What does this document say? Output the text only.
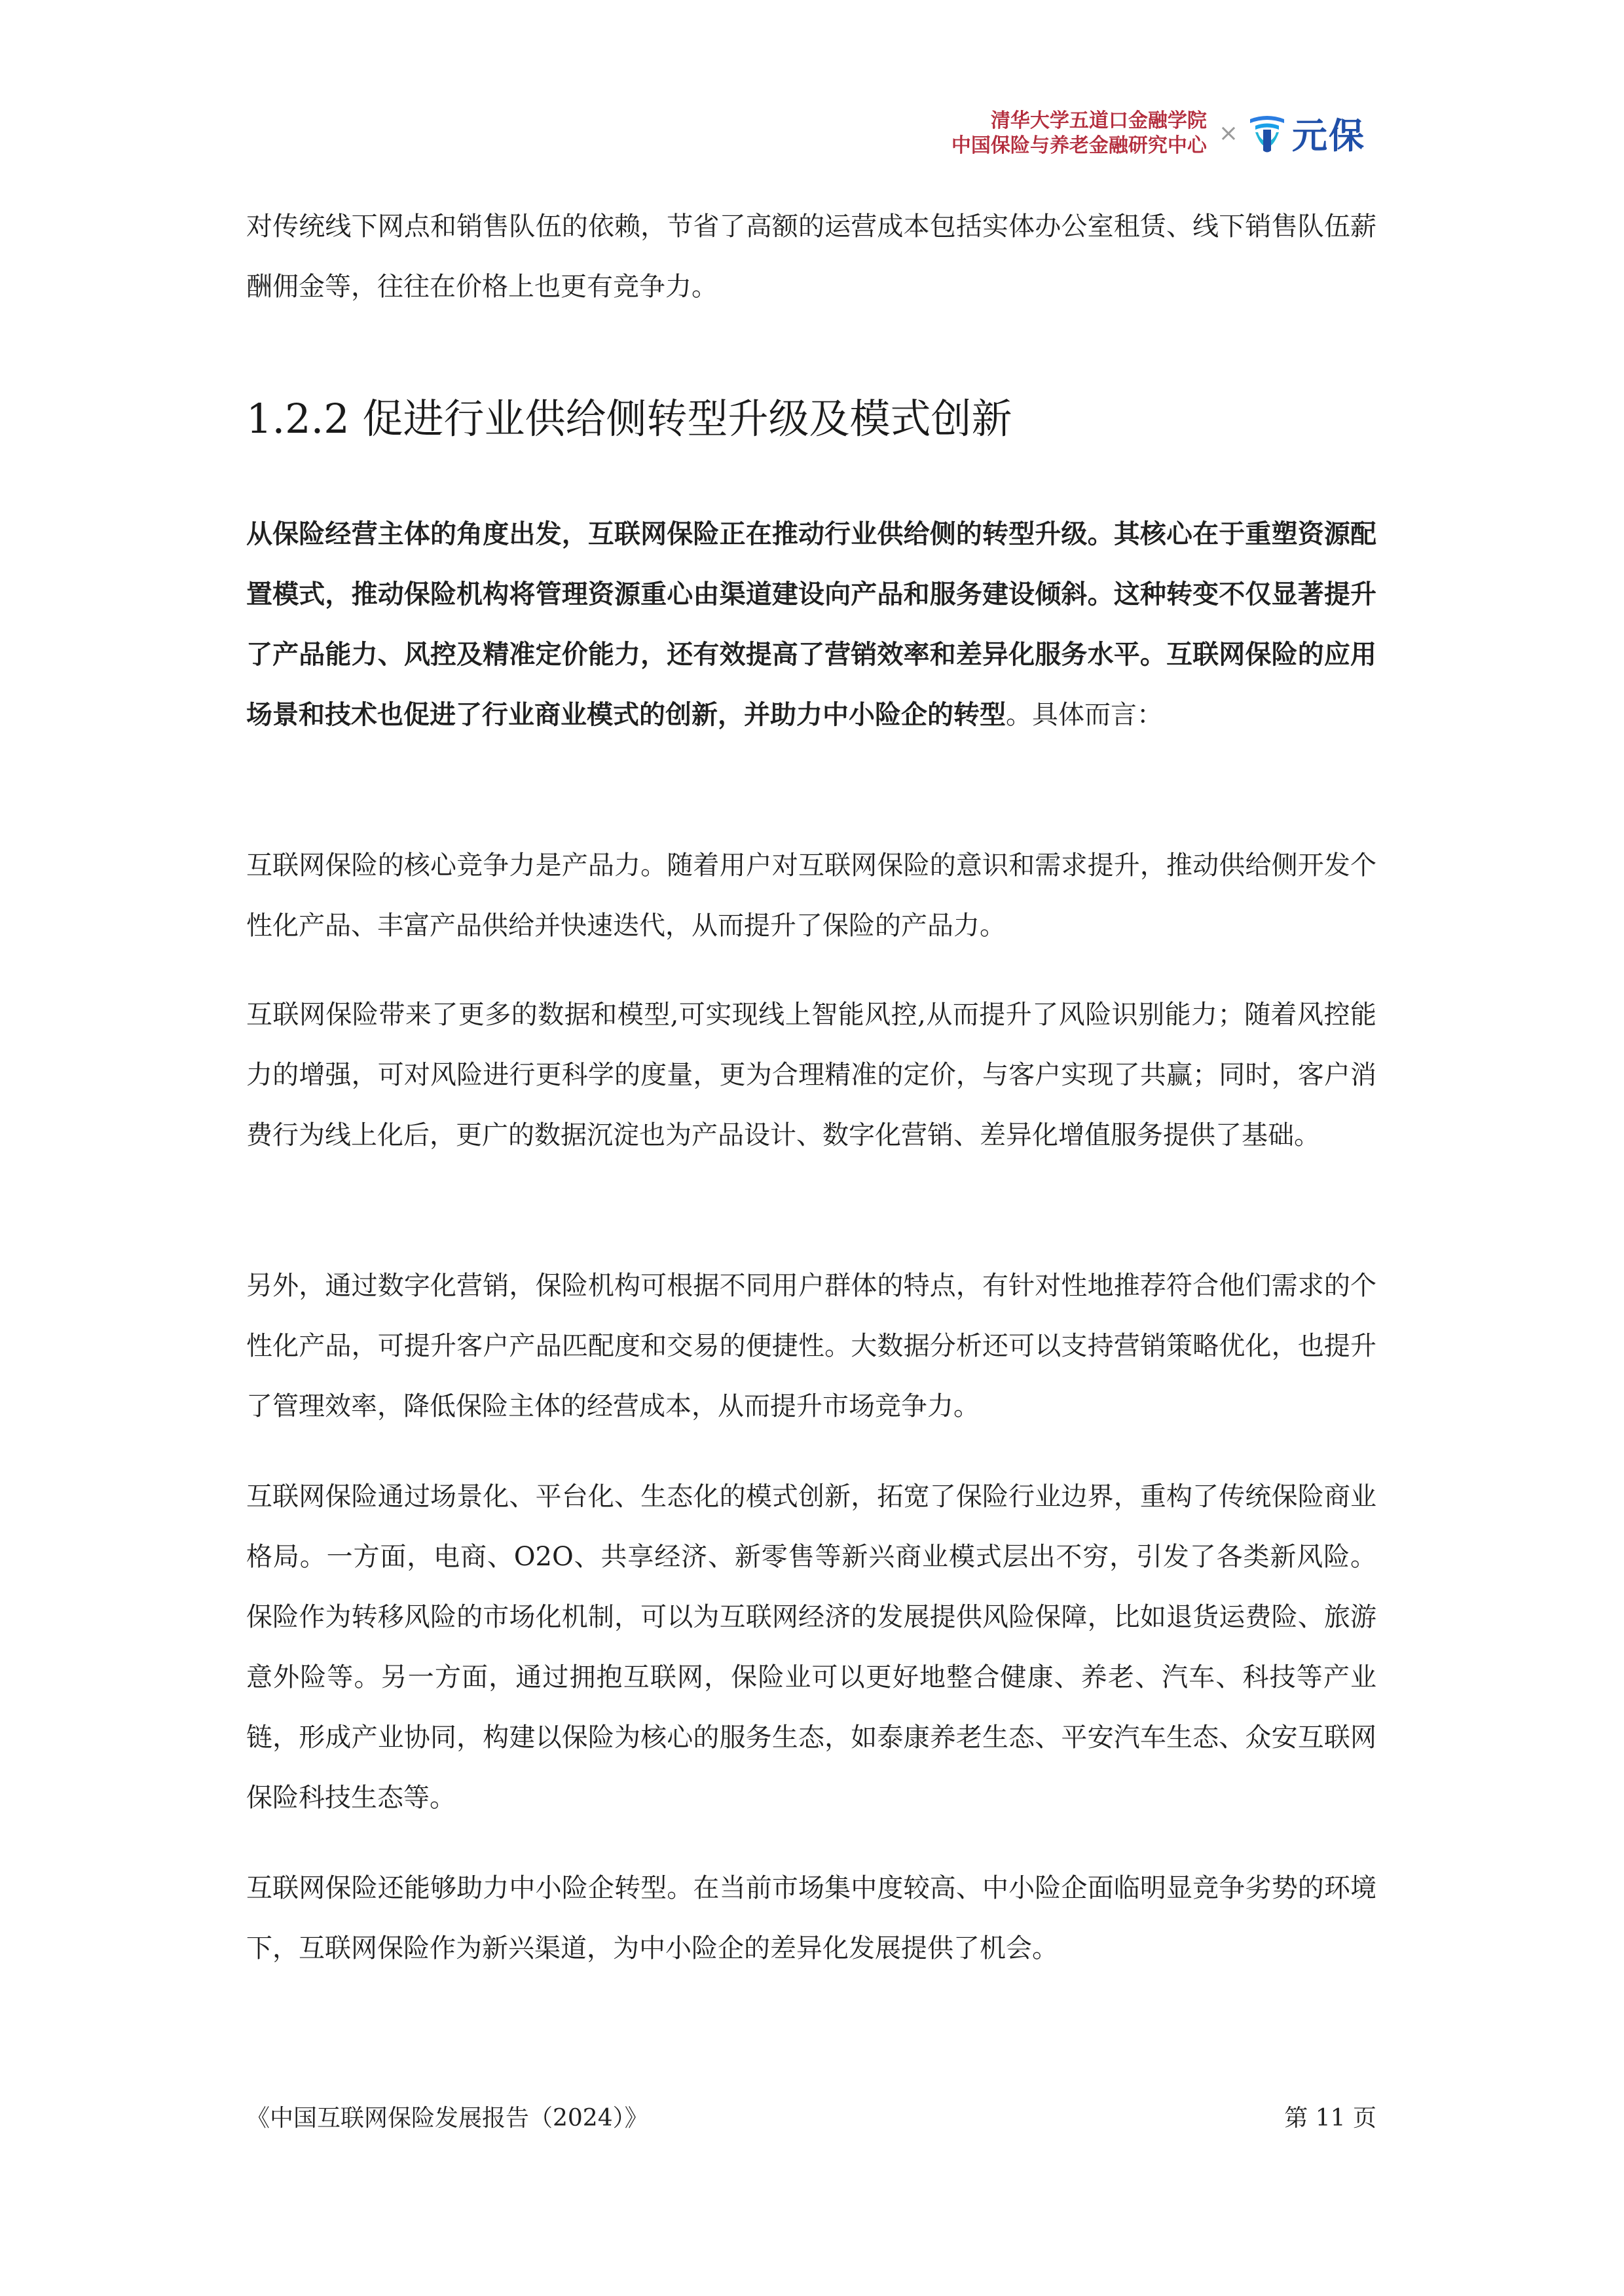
清华大学五道口金融学院
中国保险与养老金融研究中心 × 元保

对传统线下网点和销售队伍的依赖，节省了高额的运营成本包括实体办公室租赁、线下销售队伍薪酬佣金等，往往在价格上也更有竞争力。

1.2.2 促进行业供给侧转型升级及模式创新

从保险经营主体的角度出发，互联网保险正在推动行业供给侧的转型升级。其核心在于重塑资源配置模式，推动保险机构将管理资源重心由渠道建设向产品和服务建设倾斜。这种转变不仅显著提升了产品能力、风控及精准定价能力，还有效提高了营销效率和差异化服务水平。互联网保险的应用场景和技术也促进了行业商业模式的创新，并助力中小险企的转型。具体而言：

互联网保险的核心竞争力是产品力。随着用户对互联网保险的意识和需求提升，推动供给侧开发个性化产品、丰富产品供给并快速迭代，从而提升了保险的产品力。

互联网保险带来了更多的数据和模型,可实现线上智能风控,从而提升了风险识别能力；随着风控能力的增强，可对风险进行更科学的度量，更为合理精准的定价，与客户实现了共赢；同时，客户消费行为线上化后，更广的数据沉淀也为产品设计、数字化营销、差异化增值服务提供了基础。

另外，通过数字化营销，保险机构可根据不同用户群体的特点，有针对性地推荐符合他们需求的个性化产品，可提升客户产品匹配度和交易的便捷性。大数据分析还可以支持营销策略优化，也提升了管理效率，降低保险主体的经营成本，从而提升市场竞争力。

互联网保险通过场景化、平台化、生态化的模式创新，拓宽了保险行业边界，重构了传统保险商业格局。一方面，电商、O2O、共享经济、新零售等新兴商业模式层出不穷，引发了各类新风险。保险作为转移风险的市场化机制，可以为互联网经济的发展提供风险保障，比如退货运费险、旅游意外险等。另一方面，通过拥抱互联网，保险业可以更好地整合健康、养老、汽车、科技等产业链，形成产业协同，构建以保险为核心的服务生态，如泰康养老生态、平安汽车生态、众安互联网保险科技生态等。

互联网保险还能够助力中小险企转型。在当前市场集中度较高、中小险企面临明显竞争劣势的环境下，互联网保险作为新兴渠道，为中小险企的差异化发展提供了机会。

《中国互联网保险发展报告（2024）》	第 11 页
